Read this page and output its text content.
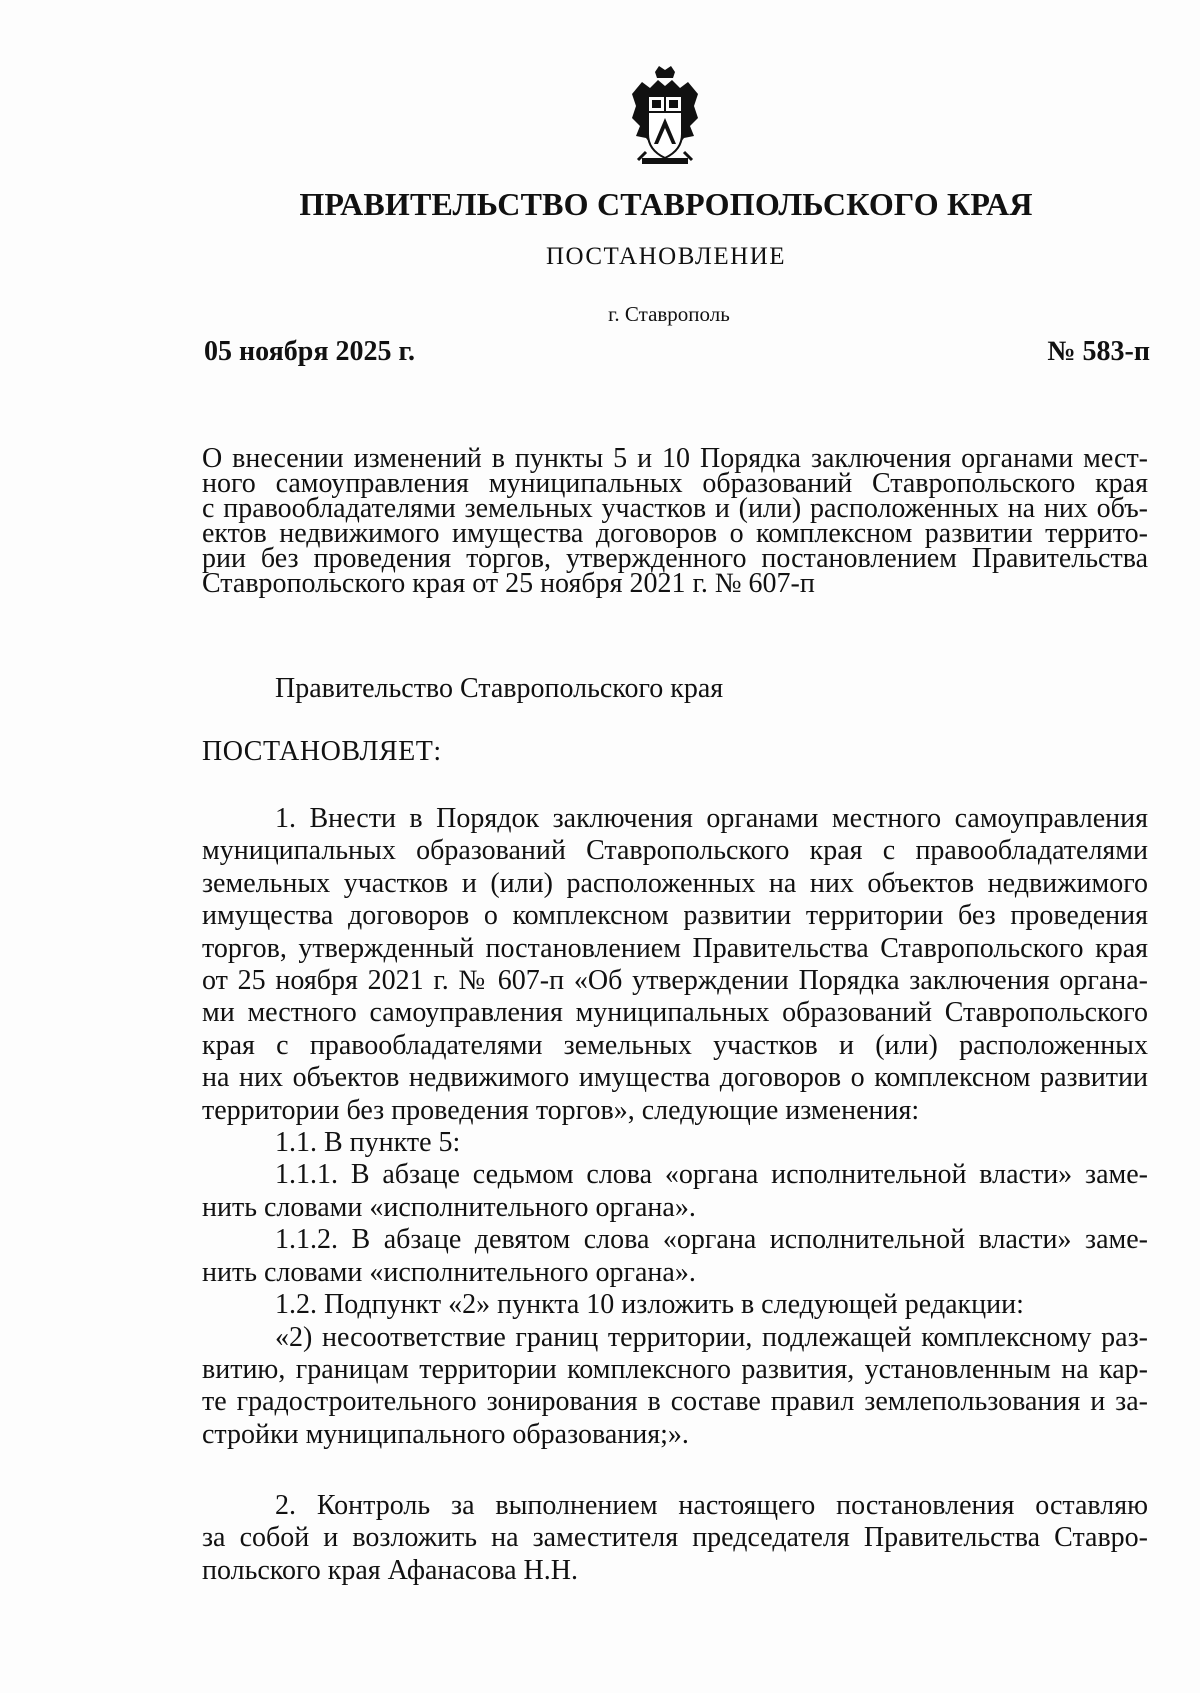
ПРАВИТЕЛЬСТВО СТАВРОПОЛЬСКОГО КРАЯ
ПОСТАНОВЛЕНИЕ
г. Ставрополь
05 ноября 2025 г.	№ 583-п
О внесении изменений в пункты 5 и 10 Порядка заключения органами мест-
ного самоуправления муниципальных образований Ставропольского края
с правообладателями земельных участков и (или) расположенных на них объ-
ектов недвижимого имущества договоров о комплексном развитии террито-
рии без проведения торгов, утвержденного постановлением Правительства
Ставропольского края от 25 ноября 2021 г. № 607-п
Правительство Ставропольского края
ПОСТАНОВЛЯЕТ:
1. Внести в Порядок заключения органами местного самоуправления
муниципальных образований Ставропольского края с правообладателями
земельных участков и (или) расположенных на них объектов недвижимого
имущества договоров о комплексном развитии территории без проведения
торгов, утвержденный постановлением Правительства Ставропольского края
от 25 ноября 2021 г. № 607-п «Об утверждении Порядка заключения органа-
ми местного самоуправления муниципальных образований Ставропольского
края с правообладателями земельных участков и (или) расположенных
на них объектов недвижимого имущества договоров о комплексном развитии
территории без проведения торгов», следующие изменения:
1.1. В пункте 5:
1.1.1. В абзаце седьмом слова «органа исполнительной власти» заме-
нить словами «исполнительного органа».
1.1.2. В абзаце девятом слова «органа исполнительной власти» заме-
нить словами «исполнительного органа».
1.2. Подпункт «2» пункта 10 изложить в следующей редакции:
«2) несоответствие границ территории, подлежащей комплексному раз-
витию, границам территории комплексного развития, установленным на кар-
те градостроительного зонирования в составе правил землепользования и за-
стройки муниципального образования;».
2. Контроль за выполнением настоящего постановления оставляю
за собой и возложить на заместителя председателя Правительства Ставро-
польского края Афанасова Н.Н.
